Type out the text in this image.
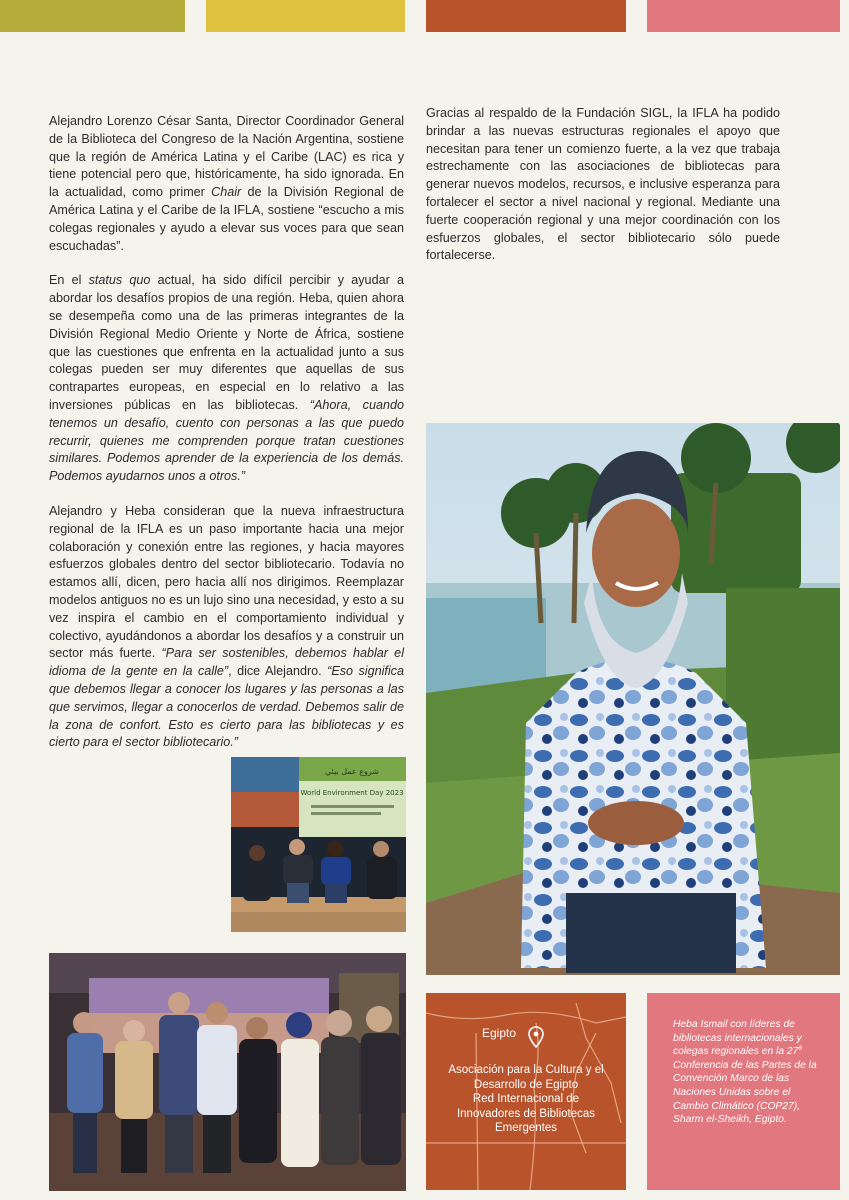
Alejandro Lorenzo César Santa, Director Coordinador General de la Biblioteca del Congreso de la Nación Argentina, sostiene que la región de América Latina y el Caribe (LAC) es rica y tiene potencial pero que, históricamente, ha sido ignorada. En la actualidad, como primer Chair de la División Regional de América Latina y el Caribe de la IFLA, sostiene “escucho a mis colegas regionales y ayudo a elevar sus voces para que sean escuchadas”.

En el status quo actual, ha sido difícil percibir y ayudar a abordar los desafíos propios de una región. Heba, quien ahora se desempeña como una de las primeras integrantes de la División Regional Medio Oriente y Norte de África, sostiene que las cuestiones que enfrenta en la actualidad junto a sus colegas pueden ser muy diferentes que aquellas de sus contrapartes europeas, en especial en lo relativo a las inversiones públicas en las bibliotecas. “Ahora, cuando tenemos un desafío, cuento con personas a las que puedo recurrir, quienes me comprenden porque tratan cuestiones similares. Podemos aprender de la experiencia de los demás. Podemos ayudarnos unos a otros.”

Alejandro y Heba consideran que la nueva infraestructura regional de la IFLA es un paso importante hacia una mejor colaboración y conexión entre las regiones, y hacia mayores esfuerzos globales dentro del sector bibliotecario. Todavía no estamos allí, dicen, pero hacia allí nos dirigimos. Reemplazar modelos antiguos no es un lujo sino una necesidad, y esto a su vez inspira el cambio en el comportamiento individual y colectivo, ayudándonos a abordar los desafíos y a construir un sector más fuerte. “Para ser sostenibles, debemos hablar el idioma de la gente en la calle”, dice Alejandro. “Eso significa que debemos llegar a conocer los lugares y las personas a las que servimos, llegar a conocerlos de verdad. Debemos salir de la zona de confort. Esto es cierto para las bibliotecas y es cierto para el sector bibliotecario.”

Gracias al respaldo de la Fundación SIGL, la IFLA ha podido brindar a las nuevas estructuras regionales el apoyo que necesitan para tener un comienzo fuerte, a la vez que trabaja estrechamente con las asociaciones de bibliotecas para generar nuevos modelos, recursos, e inclusive esperanza para fortalecer el sector a nivel nacional y regional. Mediante una fuerte cooperación regional y una mejor coordinación con los esfuerzos globales, el sector bibliotecario sólo puede fortalecerse.

شروع عمل بيئي
World Environment Day 2023
Egipto
Asociación para la Cultura y el Desarrollo de Egipto
Red Internacional de Innovadores de Bibliotecas Emergentes
Heba Ismail con líderes de bibliotecas internacionales y colegas regionales en la 27$^a$ Conferencia de las Partes de la Convención Marco de las Naciones Unidas sobre el Cambio Climático (COP27), Sharm el-Sheikh, Egipto.
